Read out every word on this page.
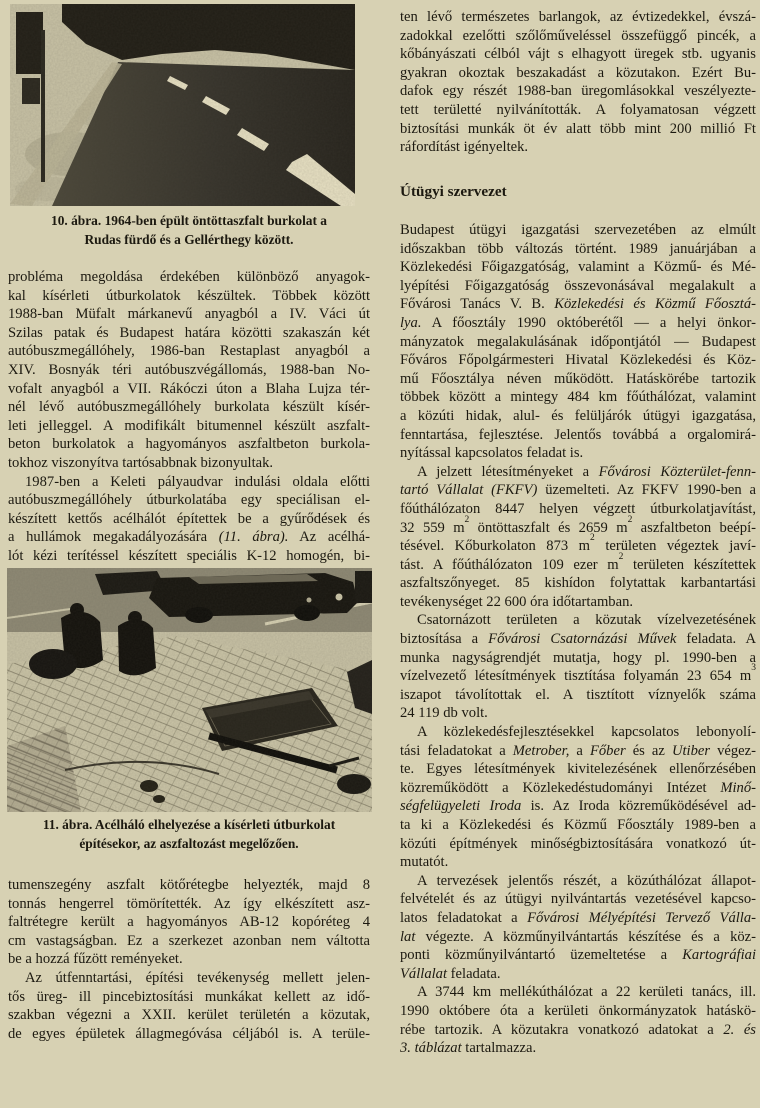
10. ábra. 1964-ben épült öntöttaszfalt burkolat a
Rudas fürdő és a Gellérthegy között.
probléma megoldása érdekében különböző anyagok-
kal kísérleti útburkolatok készültek. Többek között
1988-ban Müfalt márkanevű anyagból a IV. Váci út
Szilas patak és Budapest határa közötti szakaszán két
autóbuszmegállóhely, 1986-ban Restaplast anyagból a
XIV. Bosnyák téri autóbuszvégállomás, 1988-ban No-
vofalt anyagból a VII. Rákóczi úton a Blaha Lujza tér-
nél lévő autóbuszmegállóhely burkolata készült kísér-
leti jelleggel. A modifikált bitumennel készült aszfalt-
beton burkolatok a hagyományos aszfaltbeton burkola-
tokhoz viszonyítva tartósabbnak bizonyultak.
1987-ben a Keleti pályaudvar indulási oldala előtti
autóbuszmegállóhely útburkolatába egy speciálisan el-
készített kettős acélhálót építettek be a gyűrődések és
a hullámok megakadályozására (11. ábra). Az acélhá-
lót kézi terítéssel készített speciális K-12 homogén, bi-
11. ábra. Acélháló elhelyezése a kísérleti útburkolat
építésekor, az aszfaltozást megelőzően.
tumenszegény aszfalt kötőrétegbe helyezték, majd 8
tonnás hengerrel tömörítették. Az így elkészített asz-
faltrétegre került a hagyományos AB-12 kopóréteg 4
cm vastagságban. Ez a szerkezet azonban nem váltotta
be a hozzá fűzött reményeket.
Az útfenntartási, építési tevékenység mellett jelen-
tős üreg- ill pincebiztosítási munkákat kellett az idő-
szakban végezni a XXII. kerület területén a közutak,
de egyes épületek állagmegóvása céljából is. A terüle-
ten lévő természetes barlangok, az évtizedekkel, évszá-
zadokkal ezelőtti szőlőműveléssel összefüggő pincék, a
kőbányászati célból vájt s elhagyott üregek stb. ugyanis
gyakran okoztak beszakadást a közutakon. Ezért Bu-
dafok egy részét 1988-ban üregomlásokkal veszélyezte-
tett területté nyilvánították. A folyamatosan végzett
biztosítási munkák öt év alatt több mint 200 millió Ft
ráfordítást igényeltek.
Útügyi szervezet
Budapest útügyi igazgatási szervezetében az elmúlt
időszakban több változás történt. 1989 januárjában a
Közlekedési Főigazgatóság, valamint a Közmű- és Mé-
lyépítési Főigazgatóság összevonásával megalakult a
Fővárosi Tanács V. B. Közlekedési és Közmű Főosztá-
lya. A főosztály 1990 októberétől — a helyi önkor-
mányzatok megalakulásának időpontjától — Budapest
Főváros Főpolgármesteri Hivatal Közlekedési és Köz-
mű Főosztálya néven működött. Hatáskörébe tartozik
többek között a mintegy 484 km főúthálózat, valamint
a közúti hidak, alul- és felüljárók útügyi igazgatása,
fenntartása, fejlesztése. Jelentős továbbá a orgalomirá-
nyítással kapcsolatos feladat is.
A jelzett létesítményeket a Fővárosi Közterület-fenn-
tartó Vállalat (FKFV) üzemelteti. Az FKFV 1990-ben a
főúthálózaton 8447 helyen végzett útburkolatjavítást,
32 559 $m^2$ öntöttaszfalt és 2659 $m^2$ aszfaltbeton beépí-
tésével. Kőburkolaton 873 $m^2$ területen végeztek javí-
tást. A főúthálózaton 109 ezer $m^2$ területen készítettek
aszfaltszőnyeget. 85 kishídon folytattak karbantartási
tevékenységet 22 600 óra időtartamban.
Csatornázott területen a közutak vízelvezetésének
biztosítása a Fővárosi Csatornázási Művek feladata. A
munka nagyságrendjét mutatja, hogy pl. 1990-ben a
vízelvezető létesítmények tisztítása folyamán 23 654 $m^3$
iszapot távolítottak el. A tisztított víznyelők száma
24 119 db volt.
A közlekedésfejlesztésekkel kapcsolatos lebonyolí-
tási feladatokat a Metrober, a Főber és az Utiber végez-
te. Egyes létesítmények kivitelezésének ellenőrzésében
közreműködött a Közlekedéstudományi Intézet Minő-
ségfelügyeleti Iroda is. Az Iroda közreműködésével ad-
ta ki a Közlekedési és Közmű Főosztály 1989-ben a
közúti építmények minőségbiztosítására vonatkozó út-
mutatót.
A tervezések jelentős részét, a közúthálózat állapot-
felvételét és az útügyi nyilvántartás vezetésével kapcso-
latos feladatokat a Fővárosi Mélyépítési Tervező Válla-
lat végezte. A közműnyilvántartás készítése és a köz-
ponti közműnyilvántartó üzemeltetése a Kartográfiai
Vállalat feladata.
A 3744 km mellékúthálózat a 22 kerületi tanács, ill.
1990 októbere óta a kerületi önkormányzatok hatáskö-
rébe tartozik. A közutakra vonatkozó adatokat a 2. és
3. táblázat tartalmazza.
